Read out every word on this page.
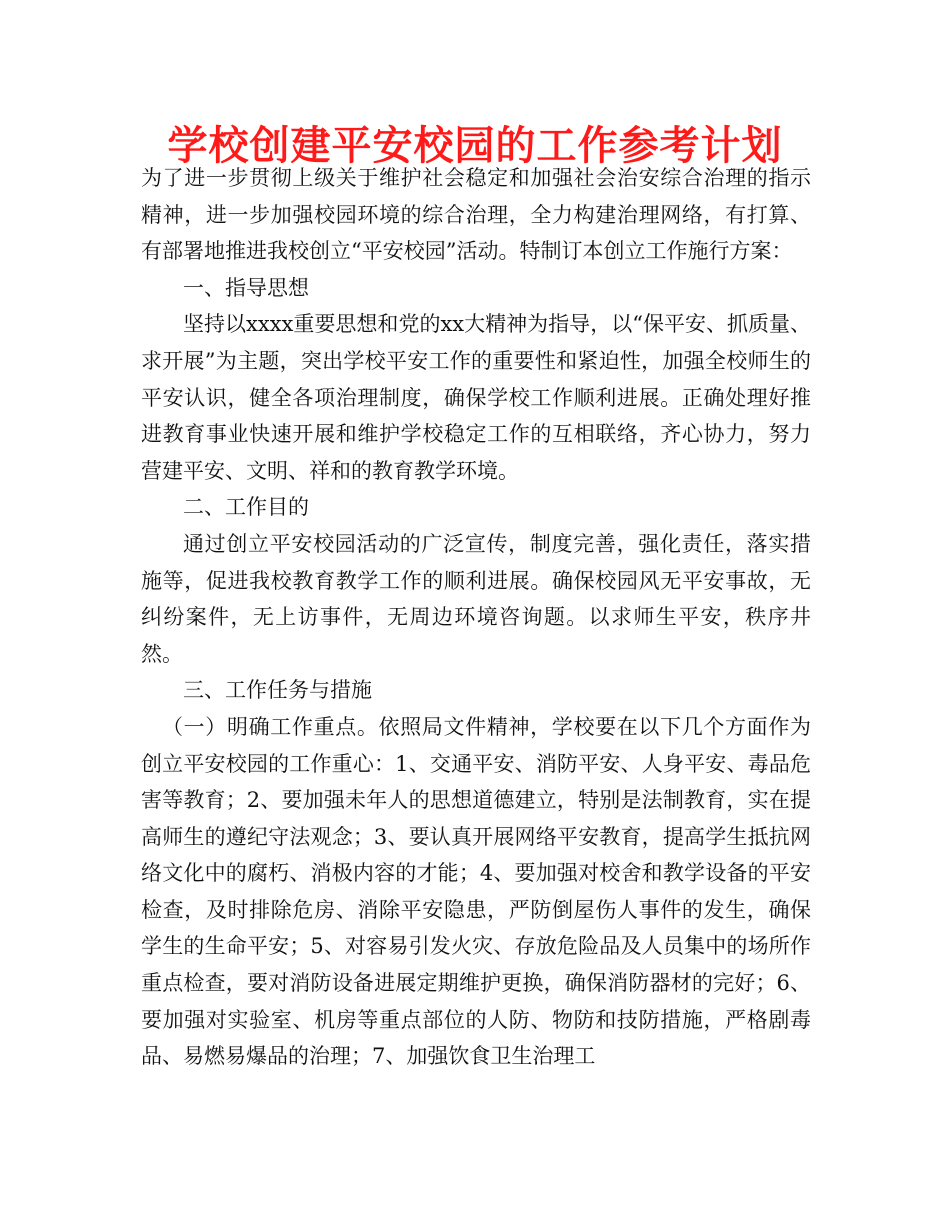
学校创建平安校园的工作参考计划

为了进一步贯彻上级关于维护社会稳定和加强社会治安综合治理的指示精神，进一步加强校园环境的综合治理，全力构建治理网络，有打算、有部署地推进我校创立“平安校园”活动。特制订本创立工作施行方案：

一、指导思想

坚持以xxxx重要思想和党的xx大精神为指导，以“保平安、抓质量、求开展”为主题，突出学校平安工作的重要性和紧迫性，加强全校师生的平安认识，健全各项治理制度，确保学校工作顺利进展。正确处理好推进教育事业快速开展和维护学校稳定工作的互相联络，齐心协力，努力营建平安、文明、祥和的教育教学环境。

二、工作目的

通过创立平安校园活动的广泛宣传，制度完善，强化责任，落实措施等，促进我校教育教学工作的顺利进展。确保校园风无平安事故，无纠纷案件，无上访事件，无周边环境咨询题。以求师生平安，秩序井然。

三、工作任务与措施

（一）明确工作重点。依照局文件精神，学校要在以下几个方面作为创立平安校园的工作重心：1、交通平安、消防平安、人身平安、毒品危害等教育；2、要加强未年人的思想道德建立，特别是法制教育，实在提高师生的遵纪守法观念；3、要认真开展网络平安教育，提高学生抵抗网络文化中的腐朽、消极内容的才能；4、要加强对校舍和教学设备的平安检查，及时排除危房、消除平安隐患，严防倒屋伤人事件的发生，确保学生的生命平安；5、对容易引发火灾、存放危险品及人员集中的场所作重点检查，要对消防设备进展定期维护更换，确保消防器材的完好；6、要加强对实验室、机房等重点部位的人防、物防和技防措施，严格剧毒品、易燃易爆品的治理；7、加强饮食卫生治理工
